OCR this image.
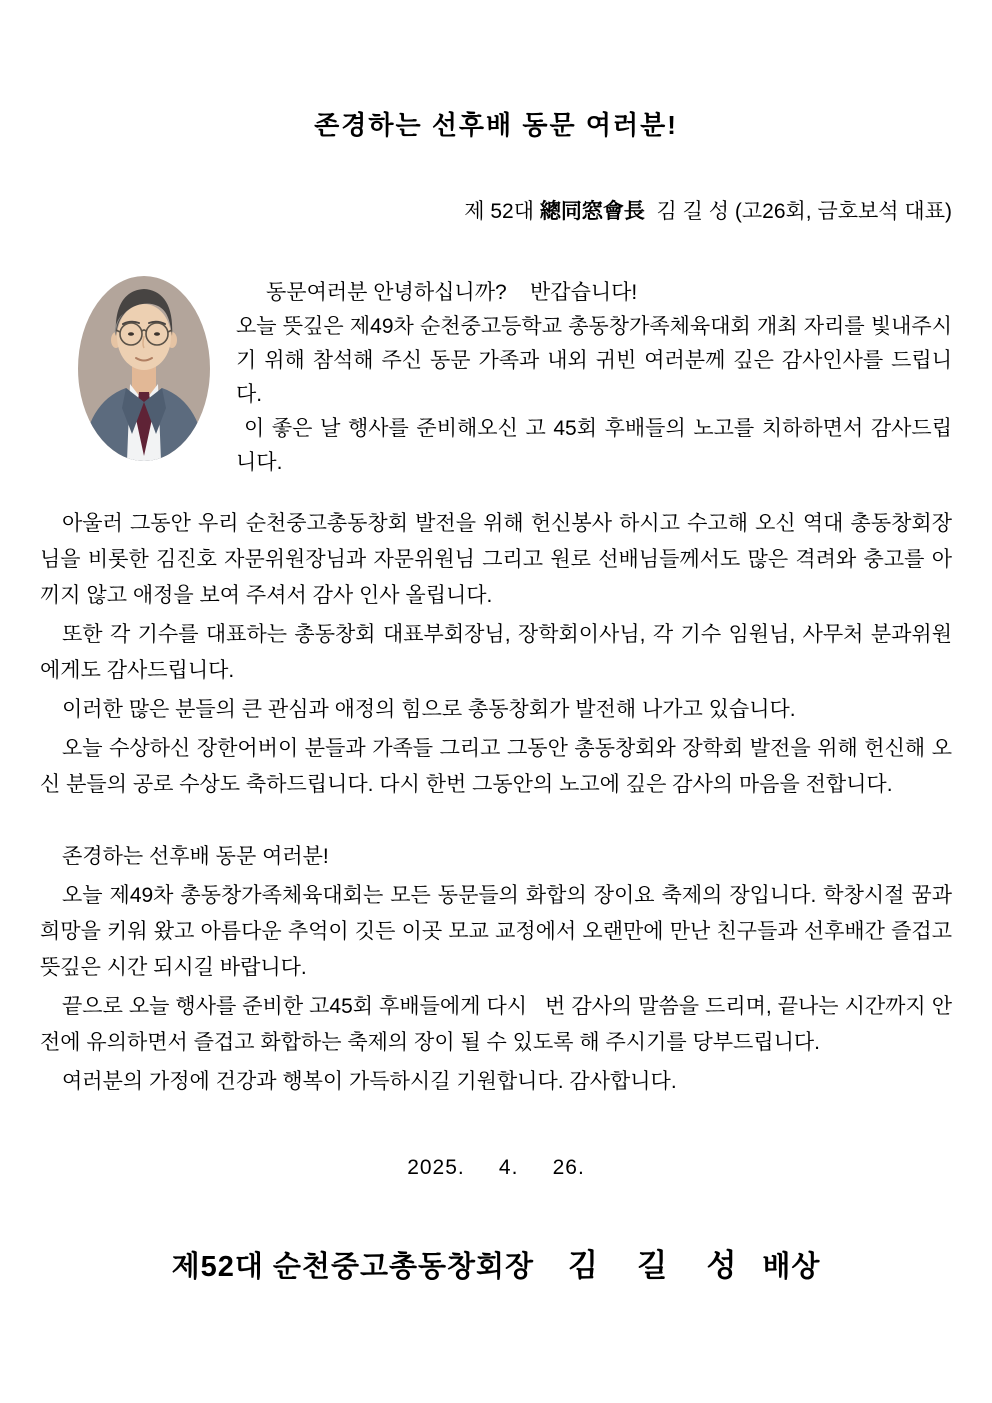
존경하는 선후배 동문 여러분!
제 52대 總同窓會長  김 길 성 (고26회, 금호보석 대표)

동문여러분 안녕하십니까?    반갑습니다!

오늘 뜻깊은 제49차 순천중고등학교 총동창가족체육대회 개최 자리를 빛내주시기 위해 참석해 주신 동문 가족과 내외 귀빈 여러분께 깊은 감사인사를 드립니다.

이 좋은 날 행사를 준비해오신 고 45회 후배들의 노고를 치하하면서 감사드립니다.

아울러 그동안 우리 순천중고총동창회 발전을 위해 헌신봉사 하시고 수고해 오신 역대 총동창회장님을 비롯한 김진호 자문위원장님과 자문위원님 그리고 원로 선배님들께서도 많은 격려와 충고를 아끼지 않고 애정을 보여 주셔서 감사 인사 올립니다.

또한 각 기수를 대표하는 총동창회 대표부회장님, 장학회이사님, 각 기수 임원님, 사무처 분과위원에게도 감사드립니다.

이러한 많은 분들의 큰 관심과 애정의 힘으로 총동창회가 발전해 나가고 있습니다.

오늘 수상하신 장한어버이 분들과 가족들 그리고 그동안 총동창회와 장학회 발전을 위해 헌신해 오신 분들의 공로 수상도 축하드립니다. 다시 한번 그동안의 노고에 깊은 감사의 마음을 전합니다.

존경하는 선후배 동문 여러분!

오늘 제49차 총동창가족체육대회는 모든 동문들의 화합의 장이요 축제의 장입니다. 학창시절 꿈과 희망을 키워 왔고 아름다운 추억이 깃든 이곳 모교 교정에서 오랜만에 만난 친구들과 선후배간 즐겁고 뜻깊은 시간 되시길 바랍니다.

끝으로 오늘 행사를 준비한 고45회 후배들에게 다시   번 감사의 말씀을 드리며, 끝나는 시간까지 안전에 유의하면서 즐겁고 화합하는 축제의 장이 될 수 있도록 해 주시기를 당부드립니다.

여러분의 가정에 건강과 행복이 가득하시길 기원합니다. 감사합니다.

2025.     4.     26.
제52대 순천중고총동창회장 김   길   성 배상
